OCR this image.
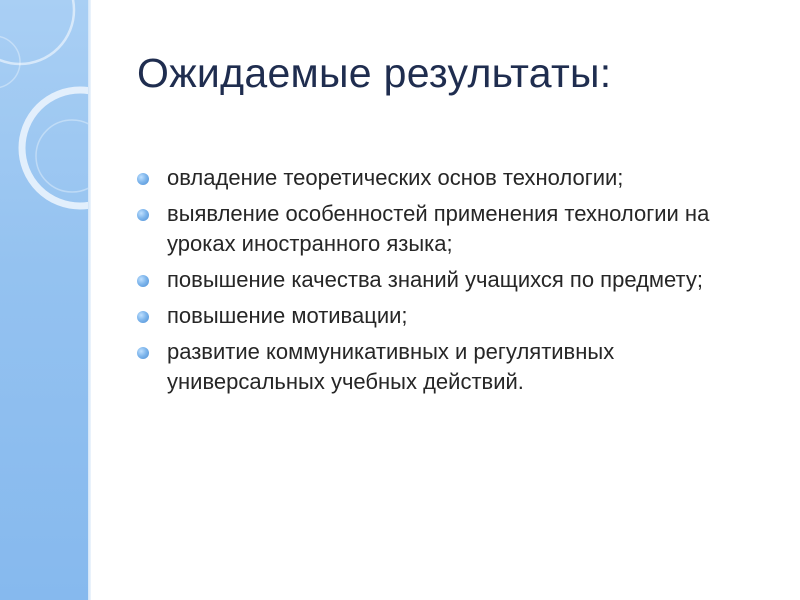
Ожидаемые результаты:
овладение теоретических основ технологии;
выявление особенностей применения технологии на уроках иностранного языка;
повышение качества знаний учащихся по предмету;
повышение мотивации;
развитие коммуникативных и регулятивных универсальных учебных действий.
